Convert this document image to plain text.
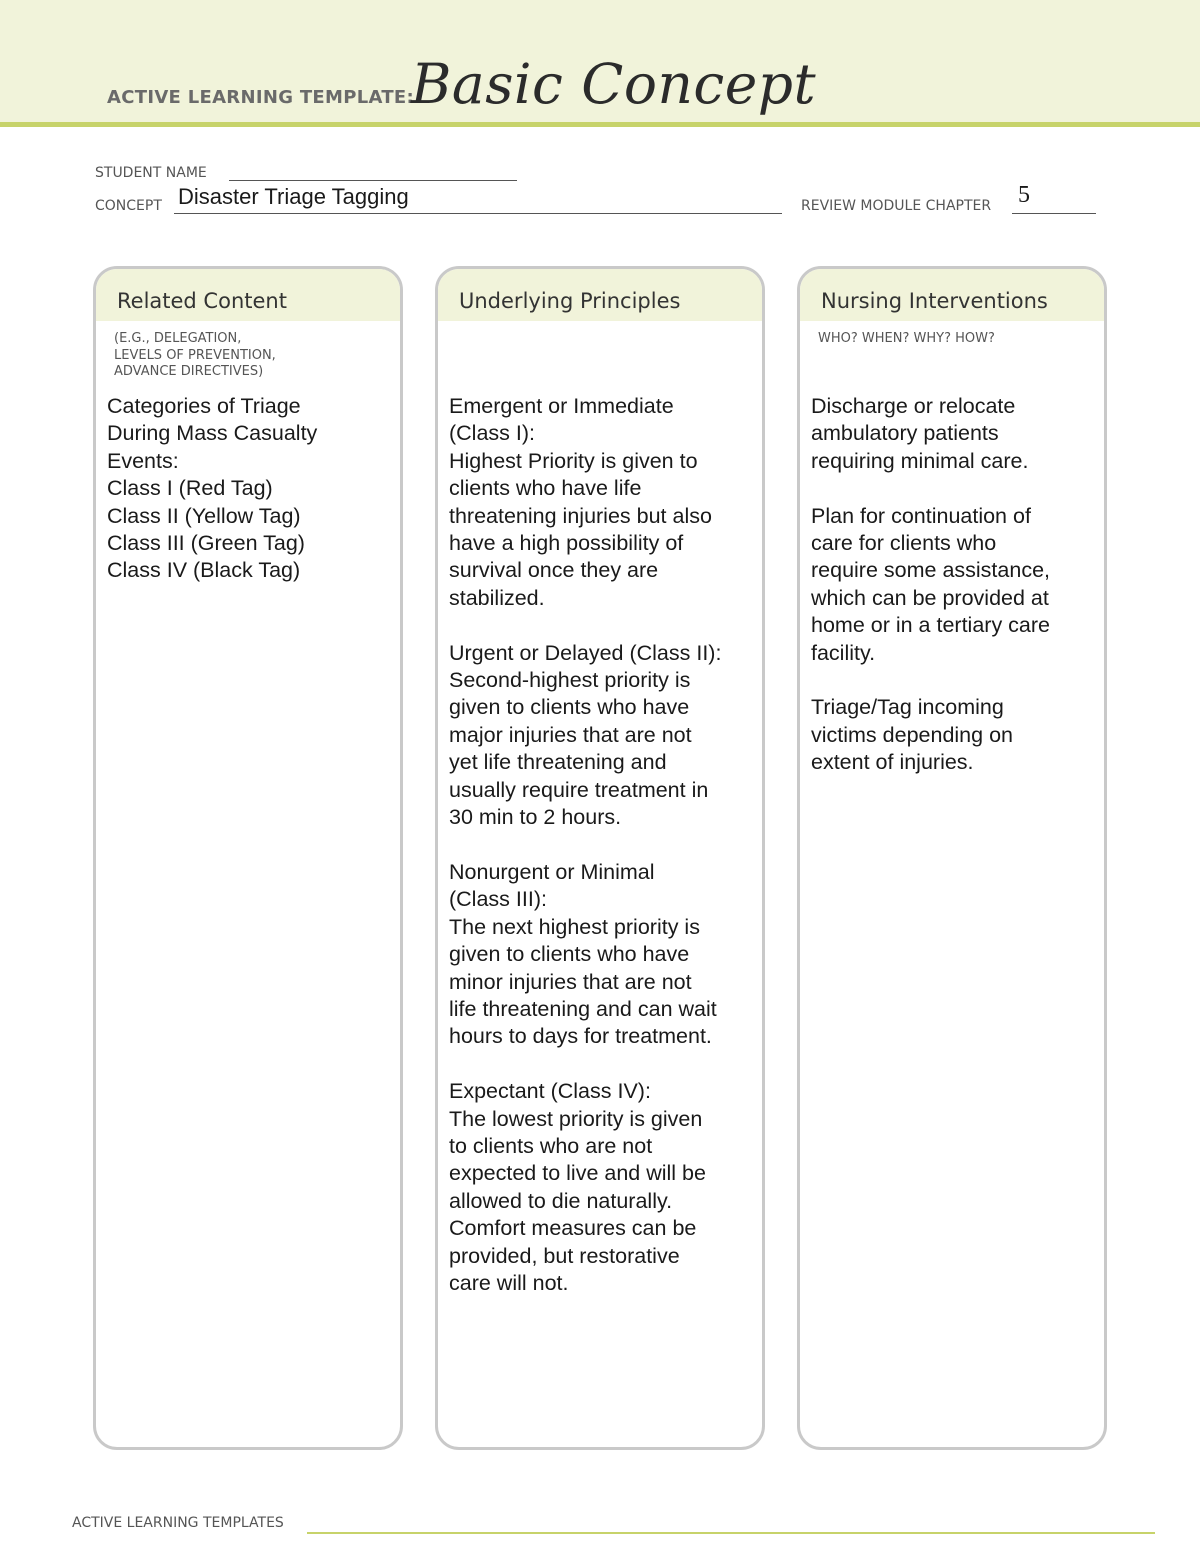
ACTIVE LEARNING TEMPLATE:
Basic Concept
STUDENT NAME
CONCEPT Disaster Triage Tagging	REVIEW MODULE CHAPTER 5
Related Content
(E.G., DELEGATION,
LEVELS OF PREVENTION,
ADVANCE DIRECTIVES)
Categories of Triage
During Mass Casualty
Events:
Class I (Red Tag)
Class II (Yellow Tag)
Class III (Green Tag)
Class IV (Black Tag)
Underlying Principles
Emergent or Immediate
(Class I):
Highest Priority is given to
clients who have life
threatening injuries but also
have a high possibility of
survival once they are
stabilized.

Urgent or Delayed (Class II):
Second-highest priority is
given to clients who have
major injuries that are not
yet life threatening and
usually require treatment in
30 min to 2 hours.

Nonurgent or Minimal
(Class III):
The next highest priority is
given to clients who have
minor injuries that are not
life threatening and can wait
hours to days for treatment.

Expectant (Class IV):
The lowest priority is given
to clients who are not
expected to live and will be
allowed to die naturally.
Comfort measures can be
provided, but restorative
care will not.
Nursing Interventions
WHO? WHEN? WHY? HOW?
Discharge or relocate
ambulatory patients
requiring minimal care.

Plan for continuation of
care for clients who
require some assistance,
which can be provided at
home or in a tertiary care
facility.

Triage/Tag incoming
victims depending on
extent of injuries.
ACTIVE LEARNING TEMPLATES
